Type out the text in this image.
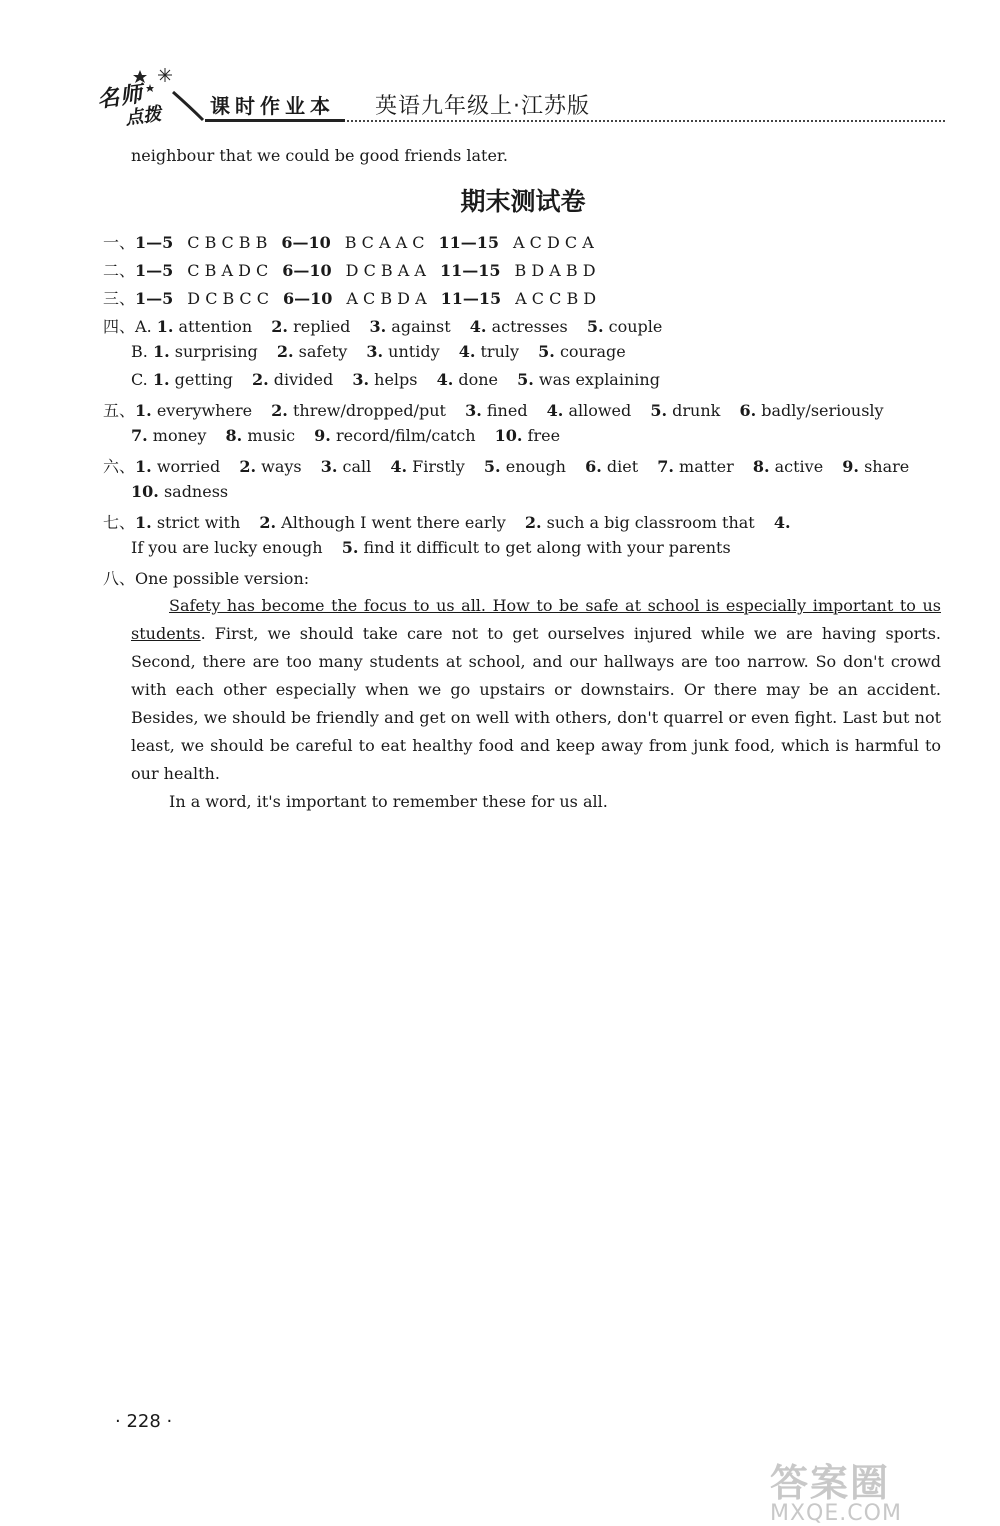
名师
点拨 课时作业本 英语九年级上·江苏版
neighbour that we could be good friends later.
期末测试卷
一、1—5 C B C B B 6—10 B C A A C 11—15 A C D C A
二、1—5 C B A D C 6—10 D C B A A 11—15 B D A B D
三、1—5 D C B C C 6—10 A C B D A 11—15 A C C B D
四、A. 1. attention 2. replied 3. against 4. actresses 5. couple
B. 1. surprising 2. safety 3. untidy 4. truly 5. courage
C. 1. getting 2. divided 3. helps 4. done 5. was explaining
五、1. everywhere 2. threw/dropped/put 3. fined 4. allowed 5. drunk 6. badly/seriously
7. money 8. music 9. record/film/catch 10. free
六、1. worried 2. ways 3. call 4. Firstly 5. enough 6. diet 7. matter 8. active 9. share
10. sadness
七、1. strict with 2. Although I went there early 2. such a big classroom that 4.
If you are lucky enough 5. find it difficult to get along with your parents
八、One possible version:

Safety has become the focus to us all. How to be safe at school is especially important to us students. First, we should take care not to get ourselves injured while we are having sports. Second, there are too many students at school, and our hallways are too narrow. So don't crowd with each other especially when we go upstairs or downstairs. Or there may be an accident. Besides, we should be friendly and get on well with others, don't quarrel or even fight. Last but not least, we should be careful to eat healthy food and keep away from junk food, which is harmful to our health.

In a word, it's important to remember these for us all.

· 228 ·
答案圈
MXQE.COM
